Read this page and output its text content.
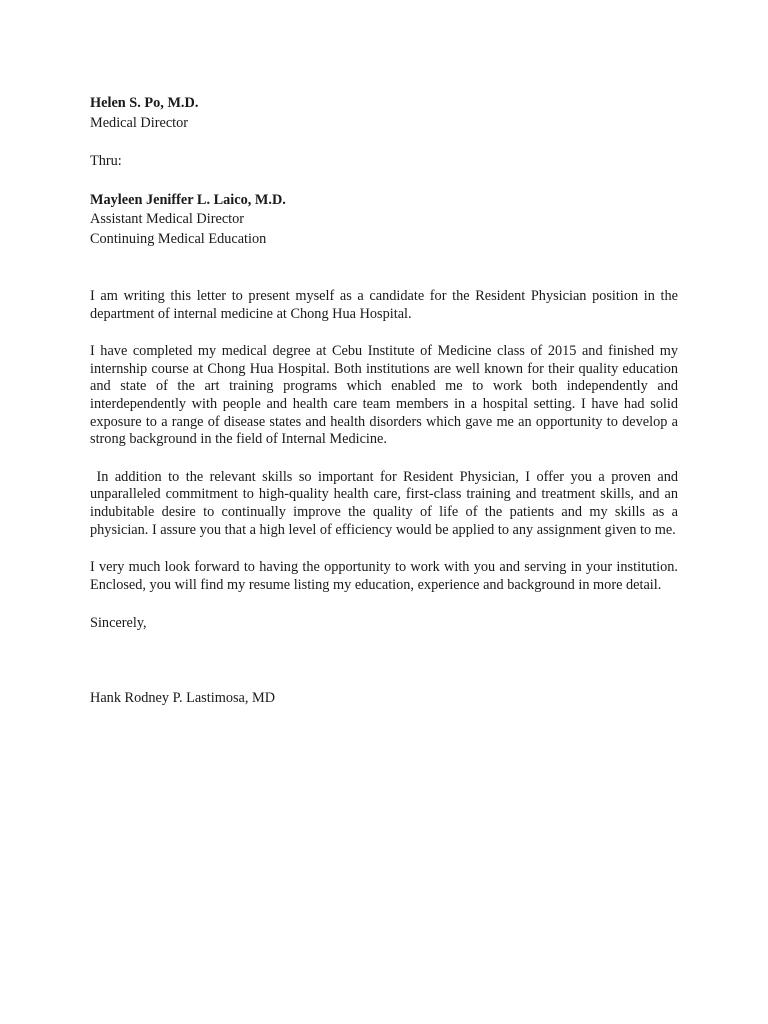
Helen S. Po, M.D.
Medical Director
Thru:
Mayleen Jeniffer L. Laico, M.D.
Assistant Medical Director
Continuing Medical Education

I am writing this letter to present myself as a candidate for the Resident Physician position in the department of internal medicine at Chong Hua Hospital.

I have completed my medical degree at Cebu Institute of Medicine class of 2015 and finished my internship course at Chong Hua Hospital. Both institutions are well known for their quality education and state of the art training programs which enabled me to work both independently and interdependently with people and health care team members in a hospital setting. I have had solid exposure to a range of disease states and health disorders which gave me an opportunity to develop a strong background in the field of Internal Medicine.

In addition to the relevant skills so important for Resident Physician, I offer you a proven and unparalleled commitment to high-quality health care, first-class training and treatment skills, and an indubitable desire to continually improve the quality of life of the patients and my skills as a physician. I assure you that a high level of efficiency would be applied to any assignment given to me.

I very much look forward to having the opportunity to work with you and serving in your institution. Enclosed, you will find my resume listing my education, experience and background in more detail.

Sincerely,
Hank Rodney P. Lastimosa, MD
